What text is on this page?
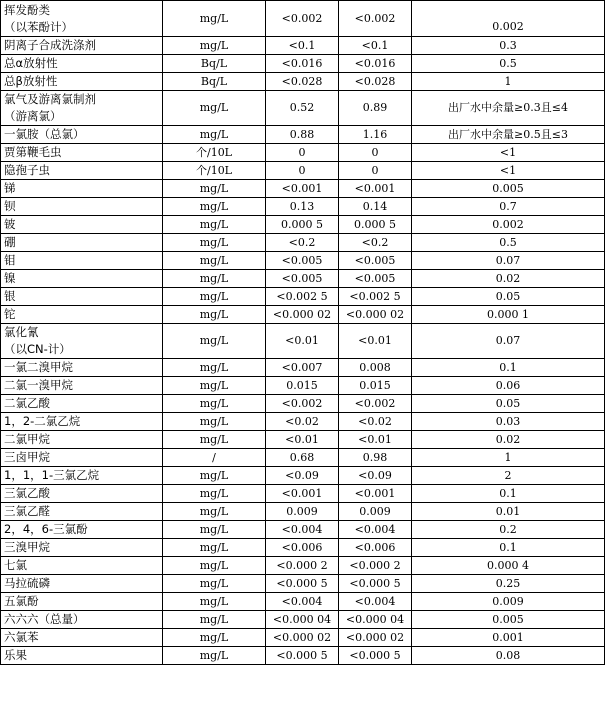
挥发酚类
（以苯酚计）	mg/L	<0.002	<0.002	0.002

阴离子合成洗涤剂	mg/L	<0.1	<0.1	0.3

总α放射性	Bq/L	<0.016	<0.016	0.5

总β放射性	Bq/L	<0.028	<0.028	1

氯气及游离氯制剂
（游离氯）	mg/L	0.52	0.89	出厂水中余量≥0.3且≤4

一氯胺（总氯）	mg/L	0.88	1.16	出厂水中余量≥0.5且≤3

贾第鞭毛虫	个/10L	0	0	<1

隐孢子虫	个/10L	0	0	<1

锑	mg/L	<0.001	<0.001	0.005

钡	mg/L	0.13	0.14	0.7

铍	mg/L	0.000 5	0.000 5	0.002

硼	mg/L	<0.2	<0.2	0.5

钼	mg/L	<0.005	<0.005	0.07

镍	mg/L	<0.005	<0.005	0.02

银	mg/L	<0.002 5	<0.002 5	0.05

铊	mg/L	<0.000 02	<0.000 02	0.000 1

氯化氰
（以CN-计）	mg/L	<0.01	<0.01	0.07

一氯二溴甲烷	mg/L	<0.007	0.008	0.1

二氯一溴甲烷	mg/L	0.015	0.015	0.06

二氯乙酸	mg/L	<0.002	<0.002	0.05

1，2-二氯乙烷	mg/L	<0.02	<0.02	0.03

二氯甲烷	mg/L	<0.01	<0.01	0.02

三卤甲烷	/	0.68	0.98	1

1，1，1-三氯乙烷	mg/L	<0.09	<0.09	2

三氯乙酸	mg/L	<0.001	<0.001	0.1

三氯乙醛	mg/L	0.009	0.009	0.01

2，4，6-三氯酚	mg/L	<0.004	<0.004	0.2

三溴甲烷	mg/L	<0.006	<0.006	0.1

七氯	mg/L	<0.000 2	<0.000 2	0.000 4

马拉硫磷	mg/L	<0.000 5	<0.000 5	0.25

五氯酚	mg/L	<0.004	<0.004	0.009

六六六（总量）	mg/L	<0.000 04	<0.000 04	0.005

六氯苯	mg/L	<0.000 02	<0.000 02	0.001

乐果	mg/L	<0.000 5	<0.000 5	0.08
